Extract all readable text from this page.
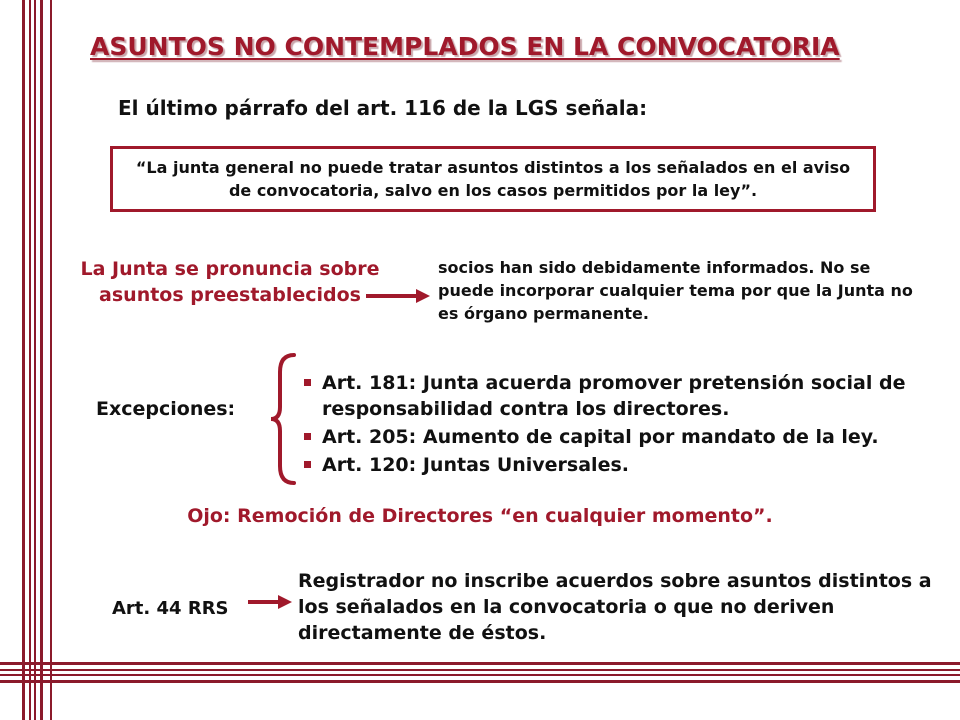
ASUNTOS NO CONTEMPLADOS EN LA CONVOCATORIA
El último párrafo del art. 116 de la LGS señala:
“La junta general no puede tratar asuntos distintos a los señalados en el aviso de convocatoria, salvo en los casos permitidos por la ley”.
La Junta se pronuncia sobre asuntos preestablecidos
socios han sido debidamente informados. No se puede incorporar cualquier tema por que la Junta no es órgano permanente.
Excepciones:
Art. 181: Junta acuerda promover pretensión social de responsabilidad contra los directores.
Art. 205: Aumento de capital por mandato de la ley.
Art. 120: Juntas Universales.
Ojo: Remoción de Directores “en cualquier momento”.
Art. 44 RRS
Registrador no inscribe acuerdos sobre asuntos distintos a los señalados en la convocatoria o que no deriven directamente de éstos.
